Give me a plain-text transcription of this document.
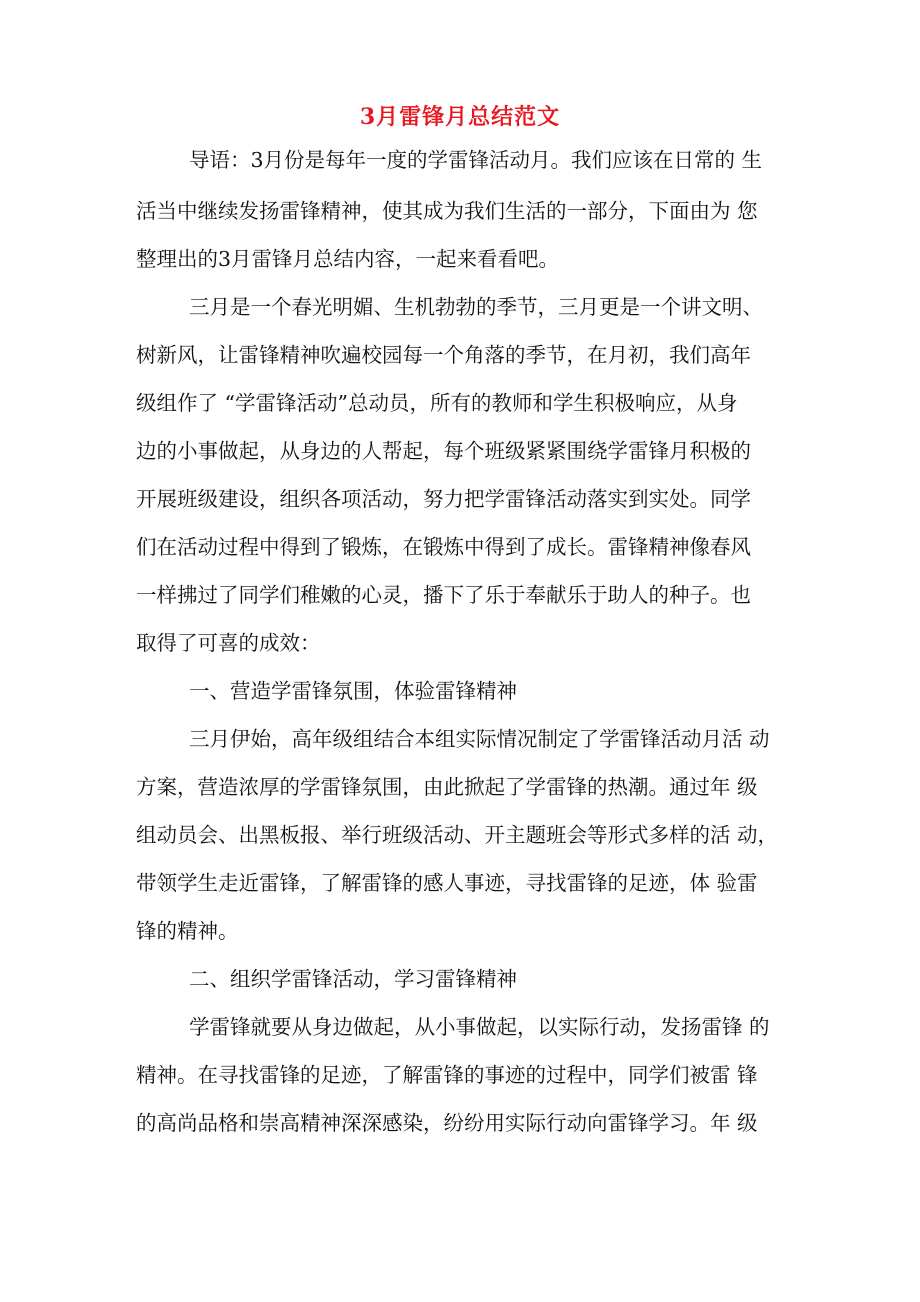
3月雷锋月总结范文
导语：3月份是每年一度的学雷锋活动月。我们应该在日常的 生
活当中继续发扬雷锋精神，使其成为我们生活的一部分，下面由为 您
整理出的3月雷锋月总结内容，一起来看看吧。
三月是一个春光明媚、生机勃勃的季节，三月更是一个讲文明、
树新风，让雷锋精神吹遍校园每一个角落的季节，在月初，我们高年
级组作了 “学雷锋活动”总动员，所有的教师和学生积极响应，从身
边的小事做起，从身边的人帮起，每个班级紧紧围绕学雷锋月积极的
开展班级建设，组织各项活动，努力把学雷锋活动落实到实处。同学
们在活动过程中得到了锻炼，在锻炼中得到了成长。雷锋精神像春风
一样拂过了同学们稚嫩的心灵，播下了乐于奉献乐于助人的种子。也
取得了可喜的成效：
一、营造学雷锋氛围，体验雷锋精神
三月伊始，高年级组结合本组实际情况制定了学雷锋活动月活 动
方案，营造浓厚的学雷锋氛围，由此掀起了学雷锋的热潮。通过年 级
组动员会、出黑板报、举行班级活动、开主题班会等形式多样的活 动，
带领学生走近雷锋，了解雷锋的感人事迹，寻找雷锋的足迹，体 验雷
锋的精神。
二、组织学雷锋活动，学习雷锋精神
学雷锋就要从身边做起，从小事做起，以实际行动，发扬雷锋 的
精神。在寻找雷锋的足迹，了解雷锋的事迹的过程中，同学们被雷 锋
的高尚品格和崇高精神深深感染，纷纷用实际行动向雷锋学习。年 级
